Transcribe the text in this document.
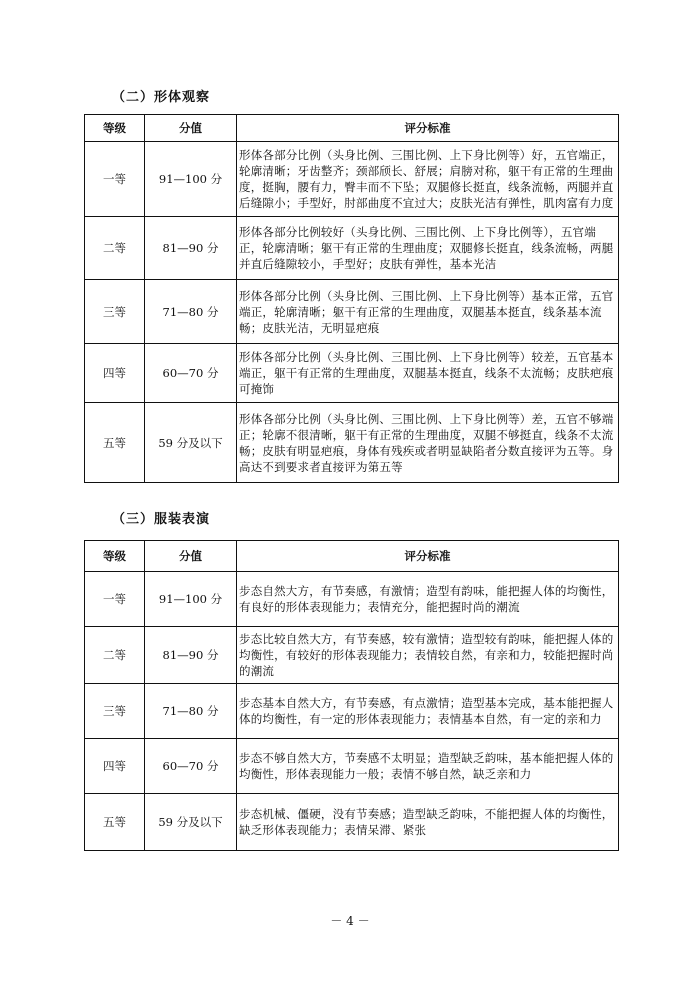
（二）形体观察
等级	分值	评分标准
一等	91—100 分	形体各部分比例（头身比例、三围比例、上下身比例等）好，五官端正，轮廓清晰；牙齿整齐；颈部颀长、舒展；肩膀对称，躯干有正常的生理曲度，挺胸，腰有力，臀丰而不下坠；双腿修长挺直，线条流畅，两腿并直后缝隙小；手型好，肘部曲度不宜过大；皮肤光洁有弹性，肌肉富有力度
二等	81—90 分	形体各部分比例较好（头身比例、三围比例、上下身比例等），五官端正，轮廓清晰；躯干有正常的生理曲度；双腿修长挺直，线条流畅，两腿并直后缝隙较小，手型好；皮肤有弹性，基本光洁
三等	71—80 分	形体各部分比例（头身比例、三围比例、上下身比例等）基本正常，五官端正，轮廓清晰；躯干有正常的生理曲度，双腿基本挺直，线条基本流畅；皮肤光洁，无明显疤痕
四等	60—70 分	形体各部分比例（头身比例、三围比例、上下身比例等）较差，五官基本端正，躯干有正常的生理曲度，双腿基本挺直，线条不太流畅；皮肤疤痕可掩饰
五等	59 分及以下	形体各部分比例（头身比例、三围比例、上下身比例等）差，五官不够端正；轮廓不很清晰，躯干有正常的生理曲度，双腿不够挺直，线条不太流畅；皮肤有明显疤痕，身体有残疾或者明显缺陷者分数直接评为五等。身高达不到要求者直接评为第五等
（三）服装表演
等级	分值	评分标准
一等	91—100 分	步态自然大方，有节奏感，有激情；造型有韵味，能把握人体的均衡性，有良好的形体表现能力；表情充分，能把握时尚的潮流
二等	81—90 分	步态比较自然大方，有节奏感，较有激情；造型较有韵味，能把握人体的均衡性，有较好的形体表现能力；表情较自然，有亲和力，较能把握时尚的潮流
三等	71—80 分	步态基本自然大方，有节奏感，有点激情；造型基本完成，基本能把握人体的均衡性，有一定的形体表现能力；表情基本自然，有一定的亲和力
四等	60—70 分	步态不够自然大方，节奏感不太明显；造型缺乏韵味，基本能把握人体的均衡性，形体表现能力一般；表情不够自然，缺乏亲和力
五等	59 分及以下	步态机械、僵硬，没有节奏感；造型缺乏韵味，不能把握人体的均衡性，缺乏形体表现能力；表情呆滞、紧张
－ 4 －
